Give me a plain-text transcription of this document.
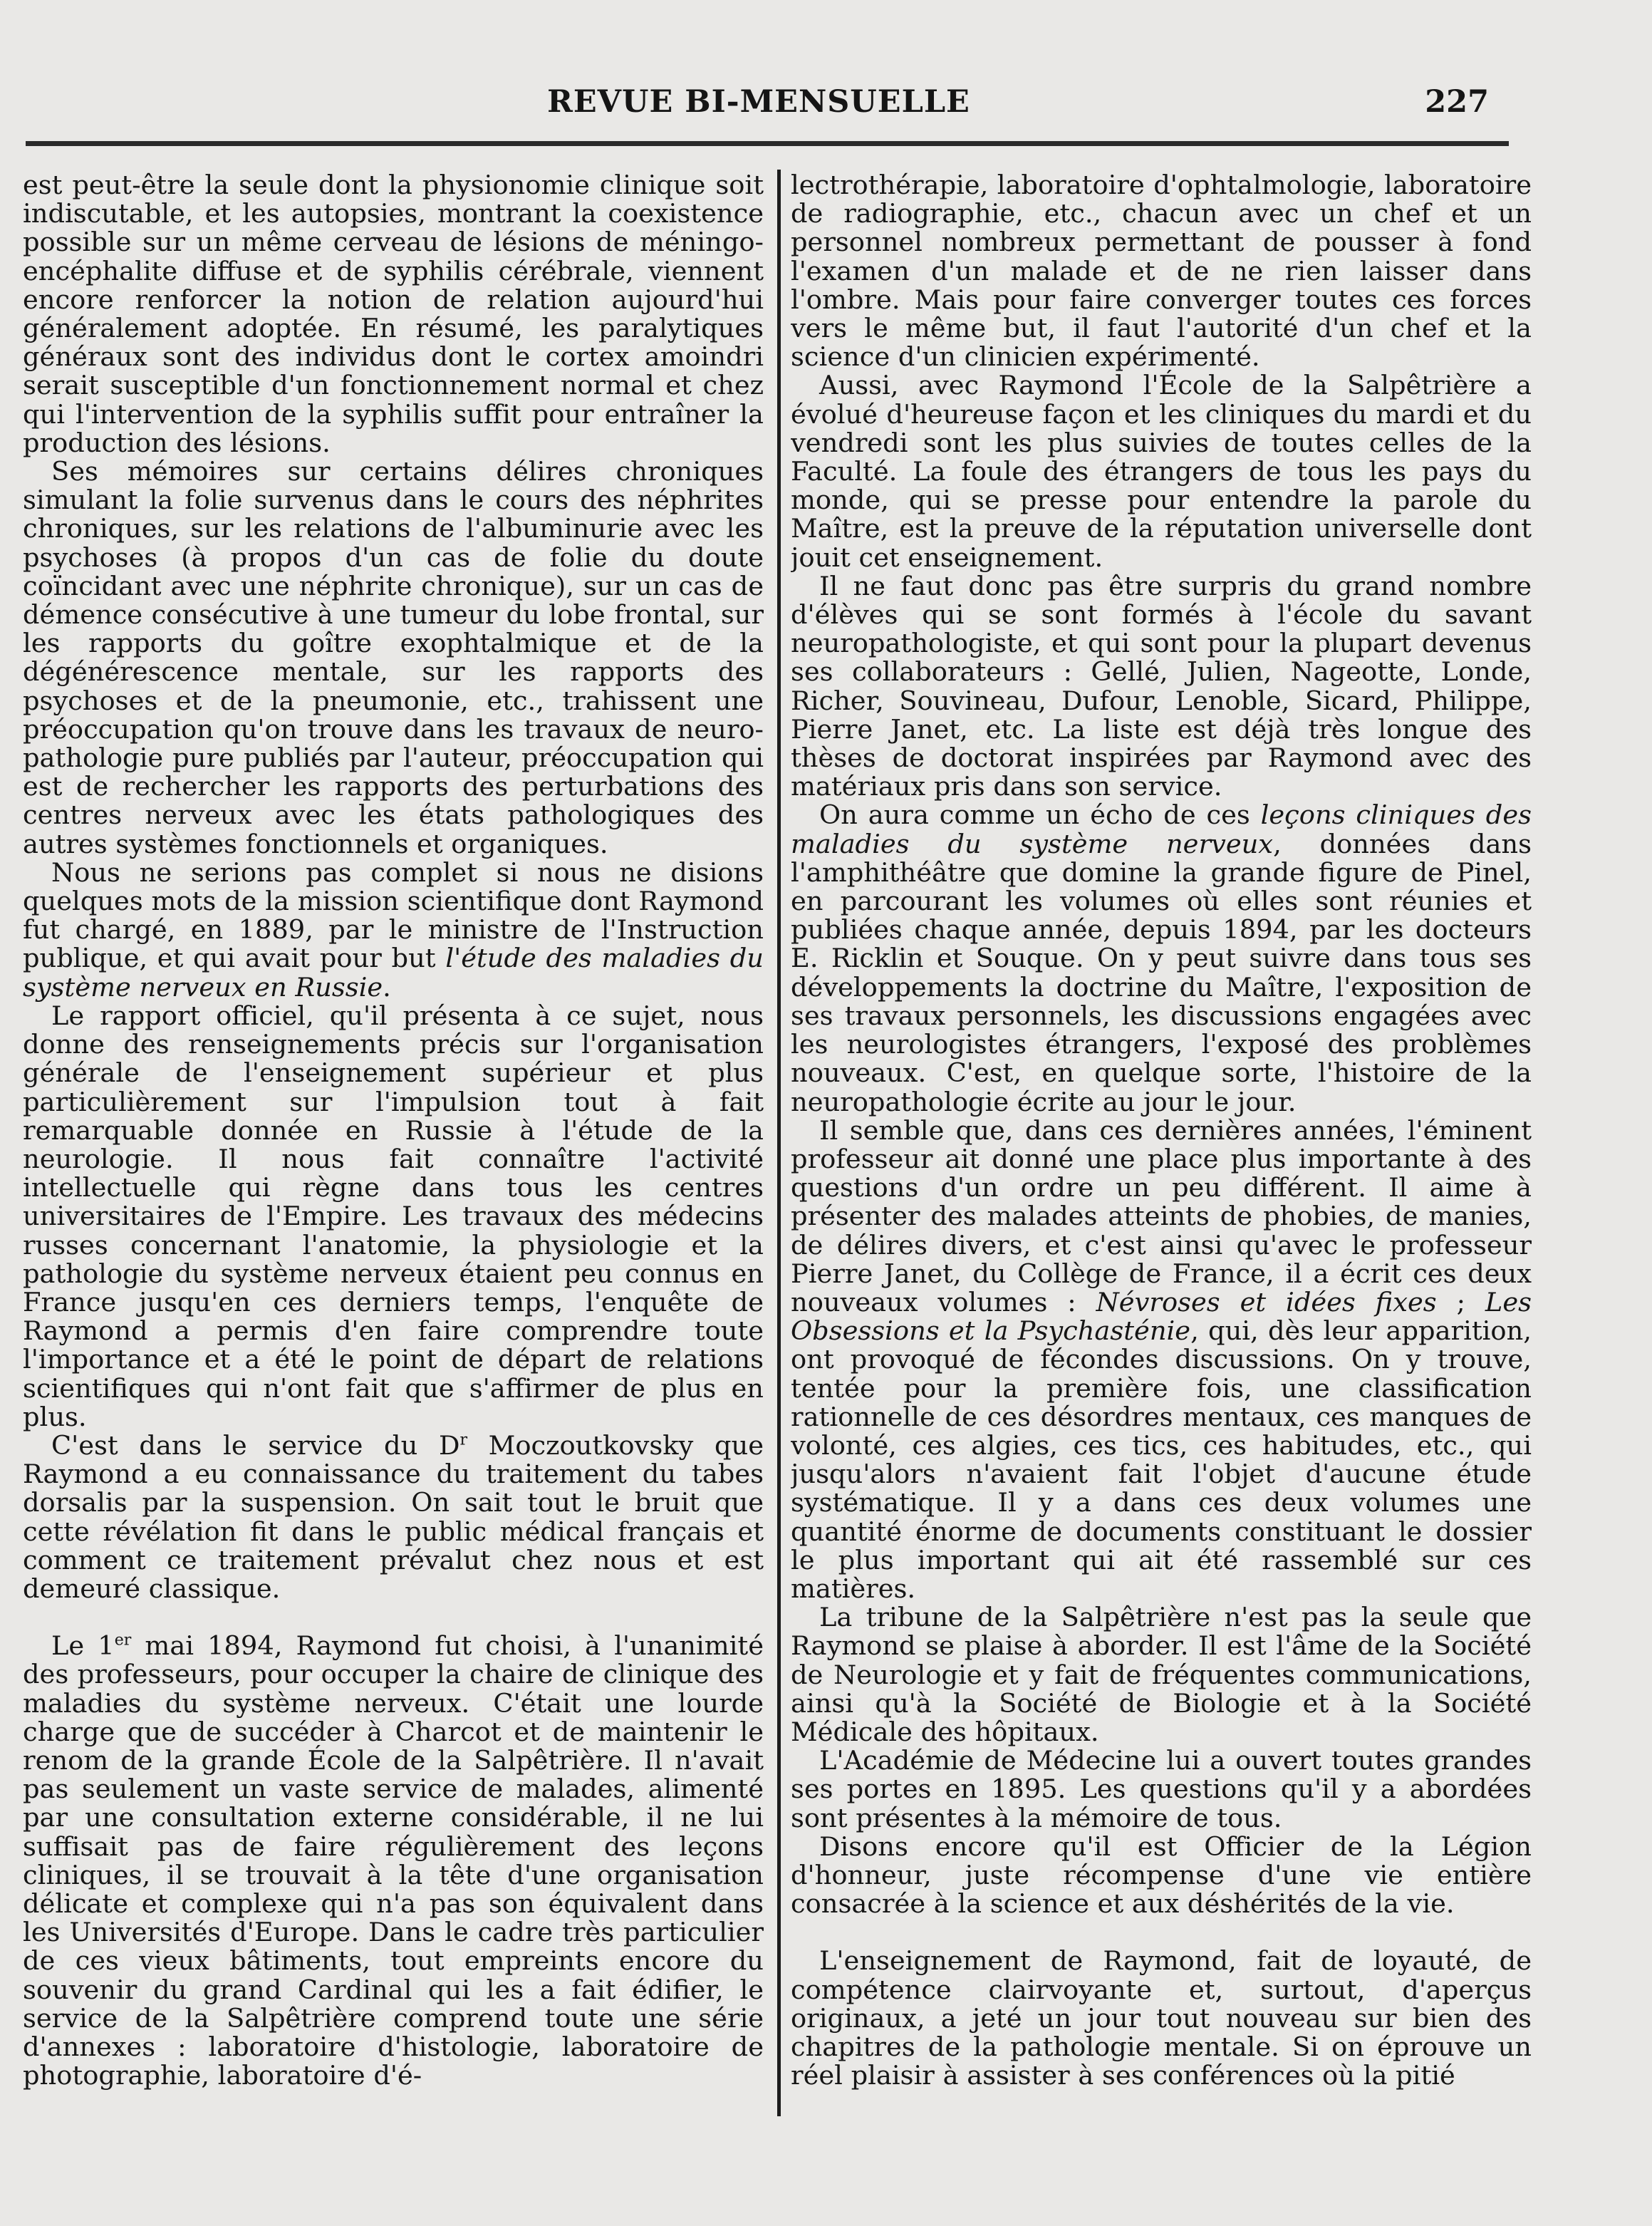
REVUE BI-MENSUELLE	227

est peut-être la seule dont la physionomie clinique soit indiscutable, et les autopsies, montrant la coexistence possible sur un même cerveau de lésions de méningo-encéphalite diffuse et de syphilis cérébrale, viennent encore renforcer la notion de relation aujourd'hui généralement adoptée. En résumé, les paralytiques généraux sont des individus dont le cortex amoindri serait susceptible d'un fonctionnement normal et chez qui l'intervention de la syphilis suffit pour entraîner la production des lésions.

Ses mémoires sur certains délires chroniques simulant la folie survenus dans le cours des néphrites chroniques, sur les relations de l'albuminurie avec les psychoses (à propos d'un cas de folie du doute coïncidant avec une néphrite chronique), sur un cas de démence consécutive à une tumeur du lobe frontal, sur les rapports du goître exophtalmique et de la dégénérescence mentale, sur les rapports des psychoses et de la pneumonie, etc., trahissent une préoccupation qu'on trouve dans les travaux de neuro-pathologie pure publiés par l'auteur, préoccupation qui est de rechercher les rapports des perturbations des centres nerveux avec les états pathologiques des autres systèmes fonctionnels et organiques.

Nous ne serions pas complet si nous ne disions quelques mots de la mission scientifique dont Raymond fut chargé, en 1889, par le ministre de l'Instruction publique, et qui avait pour but l'étude des maladies du système nerveux en Russie.

Le rapport officiel, qu'il présenta à ce sujet, nous donne des renseignements précis sur l'organisation générale de l'enseignement supérieur et plus particulièrement sur l'impulsion tout à fait remarquable donnée en Russie à l'étude de la neurologie. Il nous fait connaître l'activité intellectuelle qui règne dans tous les centres universitaires de l'Empire. Les travaux des médecins russes concernant l'anatomie, la physiologie et la pathologie du système nerveux étaient peu connus en France jusqu'en ces derniers temps, l'enquête de Raymond a permis d'en faire comprendre toute l'importance et a été le point de départ de relations scientifiques qui n'ont fait que s'affirmer de plus en plus.

C'est dans le service du $D^r$ Moczoutkovsky que Raymond a eu connaissance du traitement du tabes dorsalis par la suspension. On sait tout le bruit que cette révélation fit dans le public médical français et comment ce traitement prévalut chez nous et est demeuré classique.

Le 1er mai 1894, Raymond fut choisi, à l'unanimité des professeurs, pour occuper la chaire de clinique des maladies du système nerveux. C'était une lourde charge que de succéder à Charcot et de maintenir le renom de la grande École de la Salpêtrière. Il n'avait pas seulement un vaste service de malades, alimenté par une consultation externe considérable, il ne lui suffisait pas de faire régulièrement des leçons cliniques, il se trouvait à la tête d'une organisation délicate et complexe qui n'a pas son équivalent dans les Universités d'Europe. Dans le cadre très particulier de ces vieux bâtiments, tout empreints encore du souvenir du grand Cardinal qui les a fait édifier, le service de la Salpêtrière comprend toute une série d'annexes : laboratoire d'histologie, laboratoire de photographie, laboratoire d'é-

lectrothérapie, laboratoire d'ophtalmologie, laboratoire de radiographie, etc., chacun avec un chef et un personnel nombreux permettant de pousser à fond l'examen d'un malade et de ne rien laisser dans l'ombre. Mais pour faire converger toutes ces forces vers le même but, il faut l'autorité d'un chef et la science d'un clinicien expérimenté.

Aussi, avec Raymond l'École de la Salpêtrière a évolué d'heureuse façon et les cliniques du mardi et du vendredi sont les plus suivies de toutes celles de la Faculté. La foule des étrangers de tous les pays du monde, qui se presse pour entendre la parole du Maître, est la preuve de la réputation universelle dont jouit cet enseignement.

Il ne faut donc pas être surpris du grand nombre d'élèves qui se sont formés à l'école du savant neuropathologiste, et qui sont pour la plupart devenus ses collaborateurs : Gellé, Julien, Nageotte, Londe, Richer, Souvineau, Dufour, Lenoble, Sicard, Philippe, Pierre Janet, etc. La liste est déjà très longue des thèses de doctorat inspirées par Raymond avec des matériaux pris dans son service.

On aura comme un écho de ces leçons cliniques des maladies du système nerveux, données dans l'amphithéâtre que domine la grande figure de Pinel, en parcourant les volumes où elles sont réunies et publiées chaque année, depuis 1894, par les docteurs E. Ricklin et Souque. On y peut suivre dans tous ses développements la doctrine du Maître, l'exposition de ses travaux personnels, les discussions engagées avec les neurologistes étrangers, l'exposé des problèmes nouveaux. C'est, en quelque sorte, l'histoire de la neuropathologie écrite au jour le jour.

Il semble que, dans ces dernières années, l'éminent professeur ait donné une place plus importante à des questions d'un ordre un peu différent. Il aime à présenter des malades atteints de phobies, de manies, de délires divers, et c'est ainsi qu'avec le professeur Pierre Janet, du Collège de France, il a écrit ces deux nouveaux volumes : Névroses et idées fixes ; Les Obsessions et la Psychasténie, qui, dès leur apparition, ont provoqué de fécondes discussions. On y trouve, tentée pour la première fois, une classification rationnelle de ces désordres mentaux, ces manques de volonté, ces algies, ces tics, ces habitudes, etc., qui jusqu'alors n'avaient fait l'objet d'aucune étude systématique. Il y a dans ces deux volumes une quantité énorme de documents constituant le dossier le plus important qui ait été rassemblé sur ces matières.

La tribune de la Salpêtrière n'est pas la seule que Raymond se plaise à aborder. Il est l'âme de la Société de Neurologie et y fait de fréquentes communications, ainsi qu'à la Société de Biologie et à la Société Médicale des hôpitaux.

L'Académie de Médecine lui a ouvert toutes grandes ses portes en 1895. Les questions qu'il y a abordées sont présentes à la mémoire de tous.

Disons encore qu'il est Officier de la Légion d'honneur, juste récompense d'une vie entière consacrée à la science et aux déshérités de la vie.

L'enseignement de Raymond, fait de loyauté, de compétence clairvoyante et, surtout, d'aperçus originaux, a jeté un jour tout nouveau sur bien des chapitres de la pathologie mentale. Si on éprouve un réel plaisir à assister à ses conférences où la pitié
